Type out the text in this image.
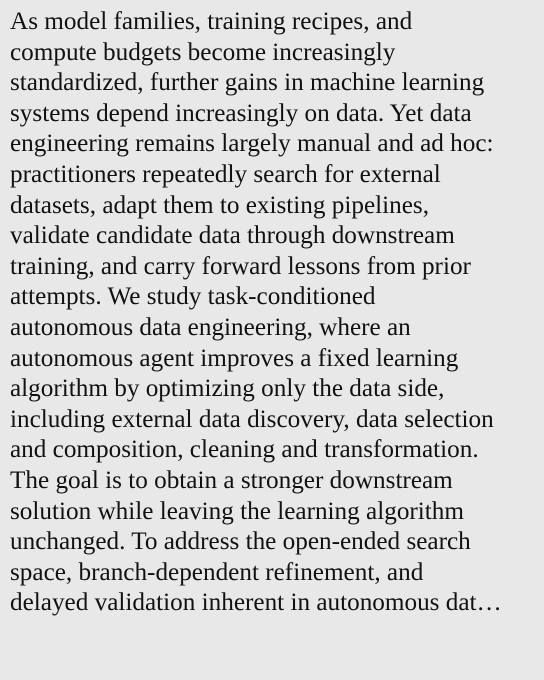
As model families, training recipes, and
compute budgets become increasingly
standardized, further gains in machine learning
systems depend increasingly on data. Yet data
engineering remains largely manual and ad hoc:
practitioners repeatedly search for external
datasets, adapt them to existing pipelines,
validate candidate data through downstream
training, and carry forward lessons from prior
attempts. We study task-conditioned
autonomous data engineering, where an
autonomous agent improves a fixed learning
algorithm by optimizing only the data side,
including external data discovery, data selection
and composition, cleaning and transformation.
The goal is to obtain a stronger downstream
solution while leaving the learning algorithm
unchanged. To address the open-ended search
space, branch-dependent refinement, and
delayed validation inherent in autonomous dat…
